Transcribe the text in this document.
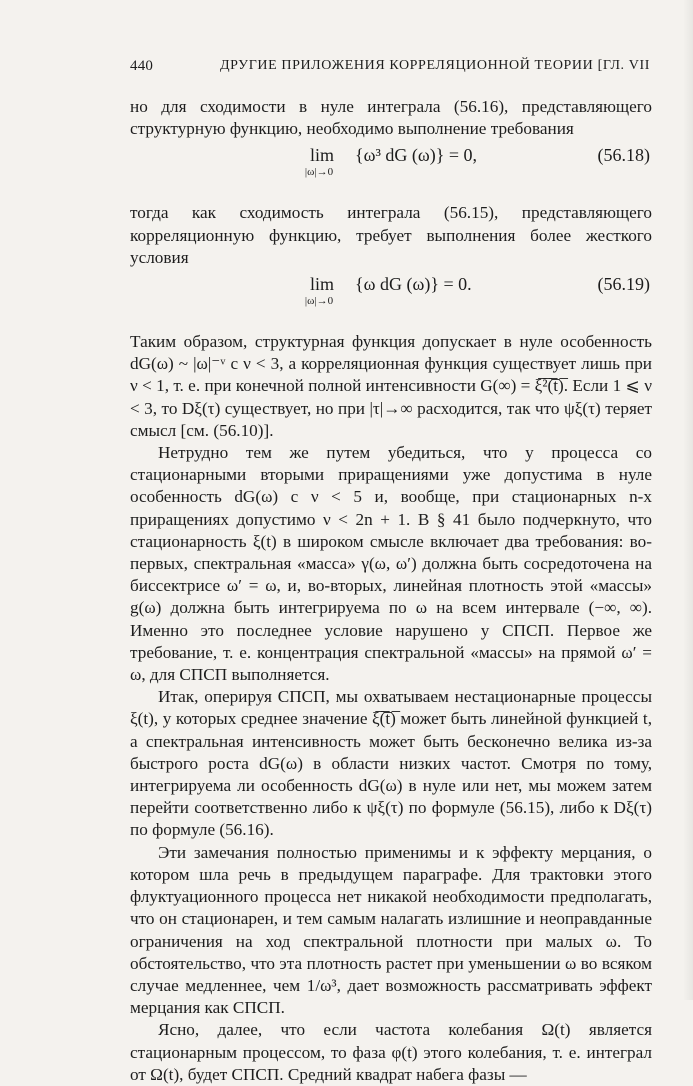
440	ДРУГИЕ ПРИЛОЖЕНИЯ КОРРЕЛЯЦИОННОЙ ТЕОРИИ [ГЛ. VII

но для сходимости в нуле интеграла (56.16), представляющего структурную функцию, необходимо выполнение требования

lim
|ω|→0
{ω³ dG (ω)} = 0,	(56.18)

тогда как сходимость интеграла (56.15), представляющего корреляционную функцию, требует выполнения более жесткого условия

lim
|ω|→0
{ω dG (ω)} = 0.	(56.19)

Таким образом, структурная функция допускает в нуле особенность dG(ω) ~ |ω|⁻ᵛ с ν < 3, а корреляционная функция существует лишь при ν < 1, т. е. при конечной полной интенсивности G(∞) = ξ̅²̅(̅t̅)̅. Если 1 ⩽ ν < 3, то Dξ(τ) существует, но при |τ|→∞ расходится, так что ψξ(τ) теряет смысл [см. (56.10)].

Нетрудно тем же путем убедиться, что у процесса со стационарными вторыми приращениями уже допустима в нуле особенность dG(ω) с ν < 5 и, вообще, при стационарных n-х приращениях допустимо ν < 2n + 1. В § 41 было подчеркнуто, что стационарность ξ(t) в широком смысле включает два требования: во-первых, спектральная «масса» γ(ω, ω′) должна быть сосредоточена на биссектрисе ω′ = ω, и, во-вторых, линейная плотность этой «массы» g(ω) должна быть интегрируема по ω на всем интервале (−∞, ∞). Именно это последнее условие нарушено у СПСП. Первое же требование, т. е. концентрация спектральной «массы» на прямой ω′ = ω, для СПСП выполняется.

Итак, оперируя СПСП, мы охватываем нестационарные процессы ξ(t), у которых среднее значение ξ̅(̅t̅)̅ может быть линейной функцией t, а спектральная интенсивность может быть бесконечно велика из-за быстрого роста dG(ω) в области низких частот. Смотря по тому, интегрируема ли особенность dG(ω) в нуле или нет, мы можем затем перейти соответственно либо к ψξ(τ) по формуле (56.15), либо к Dξ(τ) по формуле (56.16).

Эти замечания полностью применимы и к эффекту мерцания, о котором шла речь в предыдущем параграфе. Для трактовки этого флуктуационного процесса нет никакой необходимости предполагать, что он стационарен, и тем самым налагать излишние и неоправданные ограничения на ход спектральной плотности при малых ω. То обстоятельство, что эта плотность растет при уменьшении ω во всяком случае медленнее, чем 1/ω³, дает возможность рассматривать эффект мерцания как СПСП.

Ясно, далее, что если частота колебания Ω(t) является стационарным процессом, то фаза φ(t) этого колебания, т. е. интеграл от Ω(t), будет СПСП. Средний квадрат набега фазы —
